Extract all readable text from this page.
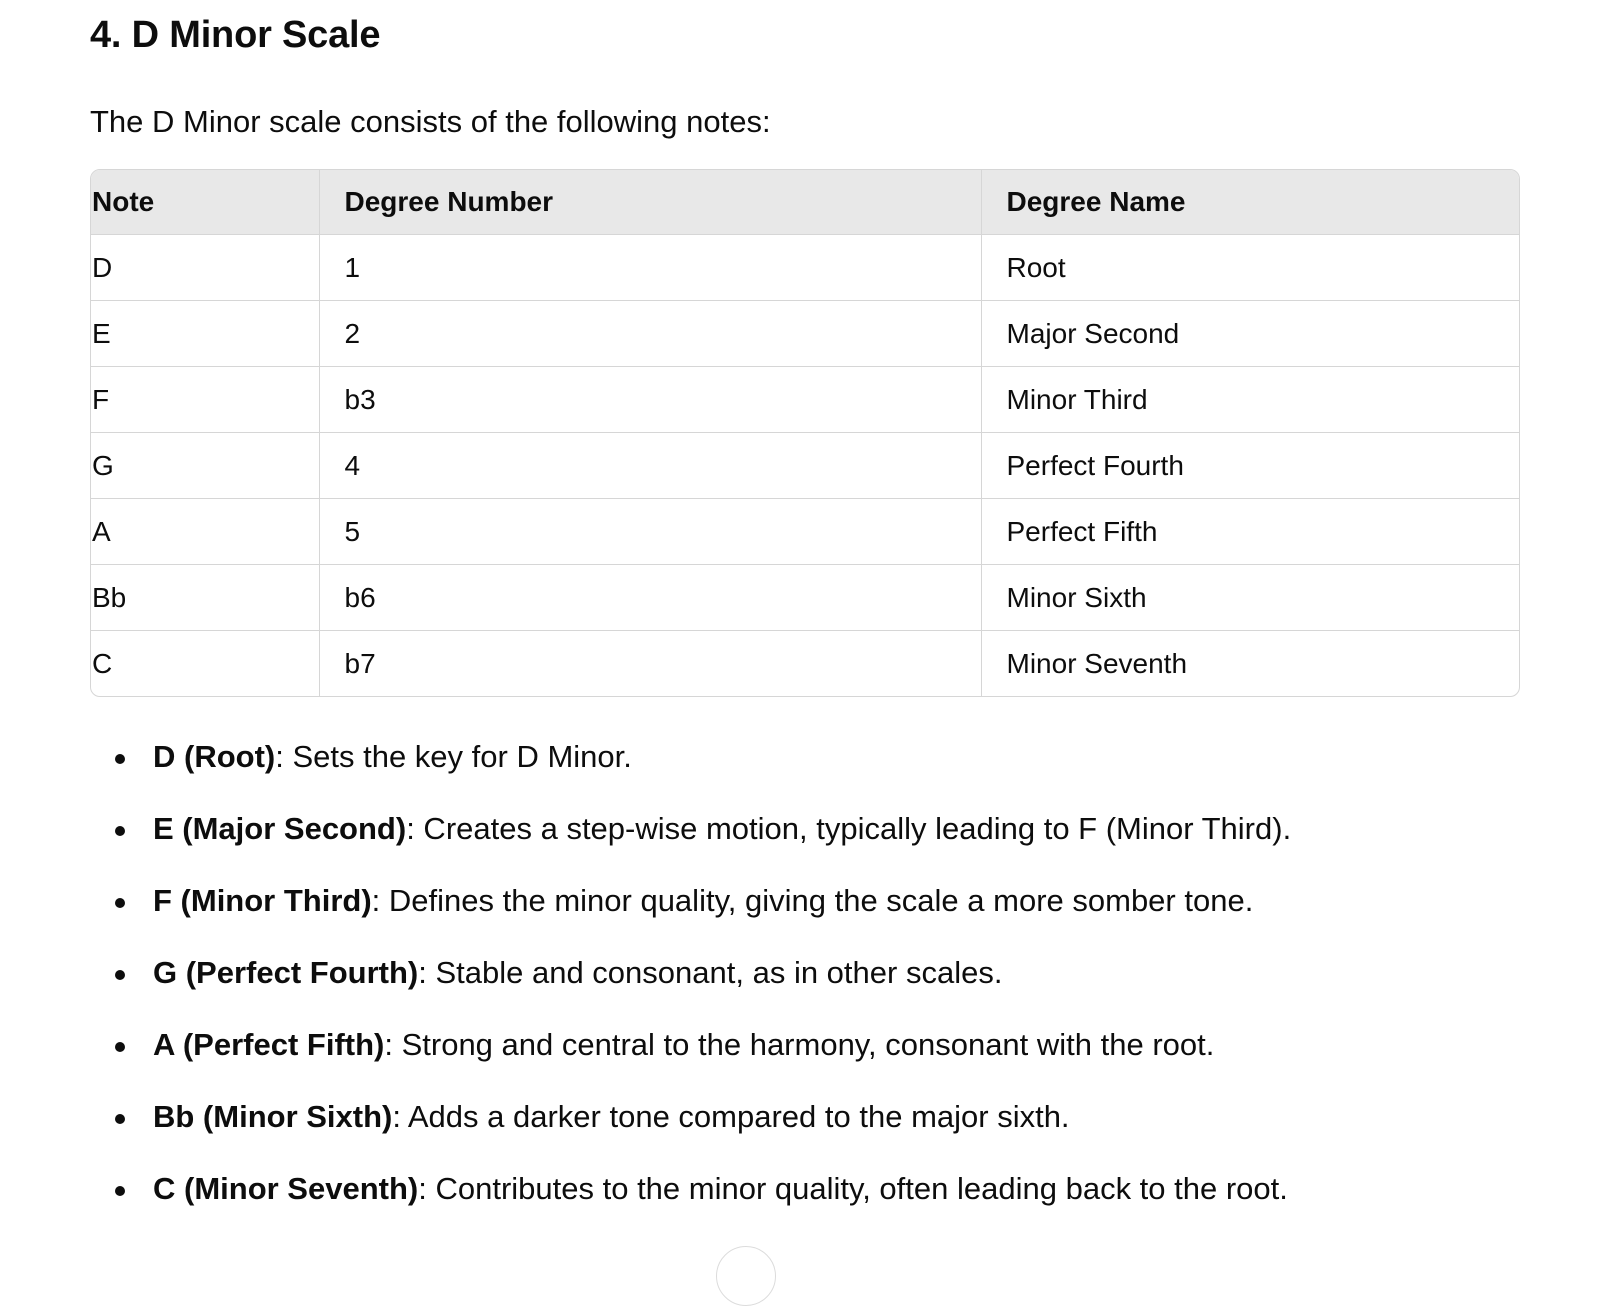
4. D Minor Scale

The D Minor scale consists of the following notes:

Note	Degree Number	Degree Name
D	1	Root
E	2	Major Second
F	b3	Minor Third
G	4	Perfect Fourth
A	5	Perfect Fifth
Bb	b6	Minor Sixth
C	b7	Minor Seventh
D (Root): Sets the key for D Minor.
E (Major Second): Creates a step-wise motion, typically leading to F (Minor Third).
F (Minor Third): Defines the minor quality, giving the scale a more somber tone.
G (Perfect Fourth): Stable and consonant, as in other scales.
A (Perfect Fifth): Strong and central to the harmony, consonant with the root.
Bb (Minor Sixth): Adds a darker tone compared to the major sixth.
C (Minor Seventh): Contributes to the minor quality, often leading back to the root.
